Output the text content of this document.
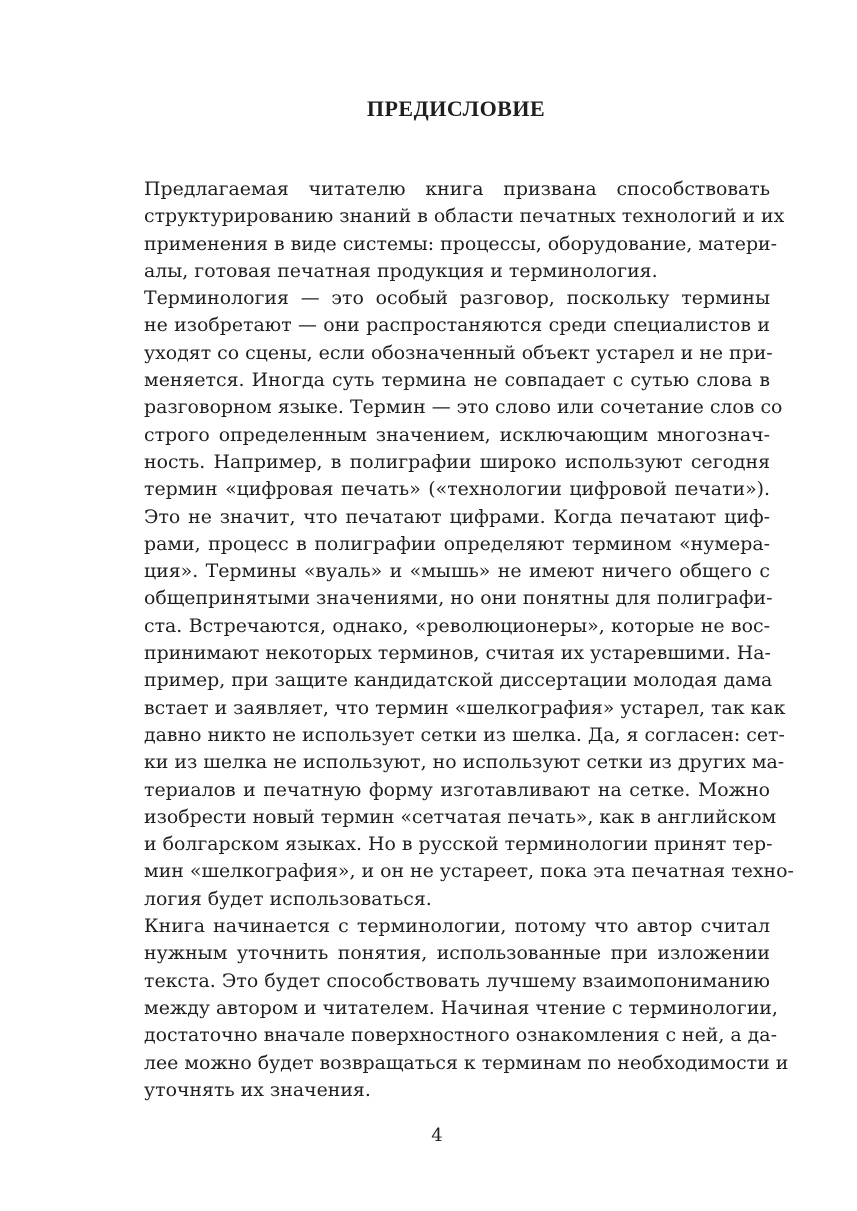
ПРЕДИСЛОВИЕ

Предлагаемая читателю книга призвана способствовать
структурированию знаний в области печатных технологий и их
применения в виде системы: процессы, оборудование, матери-
алы, готовая печатная продукция и терминология.

Терминология — это особый разговор, поскольку термины
не изобретают — они распростаняются среди специалистов и
уходят со сцены, если обозначенный объект устарел и не при-
меняется. Иногда суть термина не совпадает с сутью слова в
разговорном языке. Термин — это слово или сочетание слов со
строго определенным значением, исключающим многознач-
ность. Например, в полиграфии широко используют сегодня
термин «цифровая печать» («технологии цифровой печати»).
Это не значит, что печатают цифрами. Когда печатают циф-
рами, процесс в полиграфии определяют термином «нумера-
ция». Термины «вуаль» и «мышь» не имеют ничего общего с
общепринятыми значениями, но они понятны для полиграфи-
ста. Встречаются, однако, «революционеры», которые не вос-
принимают некоторых терминов, считая их устаревшими. На-
пример, при защите кандидатской диссертации молодая дама
встает и заявляет, что термин «шелкография» устарел, так как
давно никто не использует сетки из шелка. Да, я согласен: сет-
ки из шелка не используют, но используют сетки из других ма-
териалов и печатную форму изготавливают на сетке. Можно
изобрести новый термин «сетчатая печать», как в английском
и болгарском языках. Но в русской терминологии принят тер-
мин «шелкография», и он не устареет, пока эта печатная техно-
логия будет использоваться.

Книга начинается с терминологии, потому что автор считал
нужным уточнить понятия, использованные при изложении
текста. Это будет способствовать лучшему взаимопониманию
между автором и читателем. Начиная чтение с терминологии,
достаточно вначале поверхностного ознакомления с ней, а да-
лее можно будет возвращаться к терминам по необходимости и
уточнять их значения.

4
